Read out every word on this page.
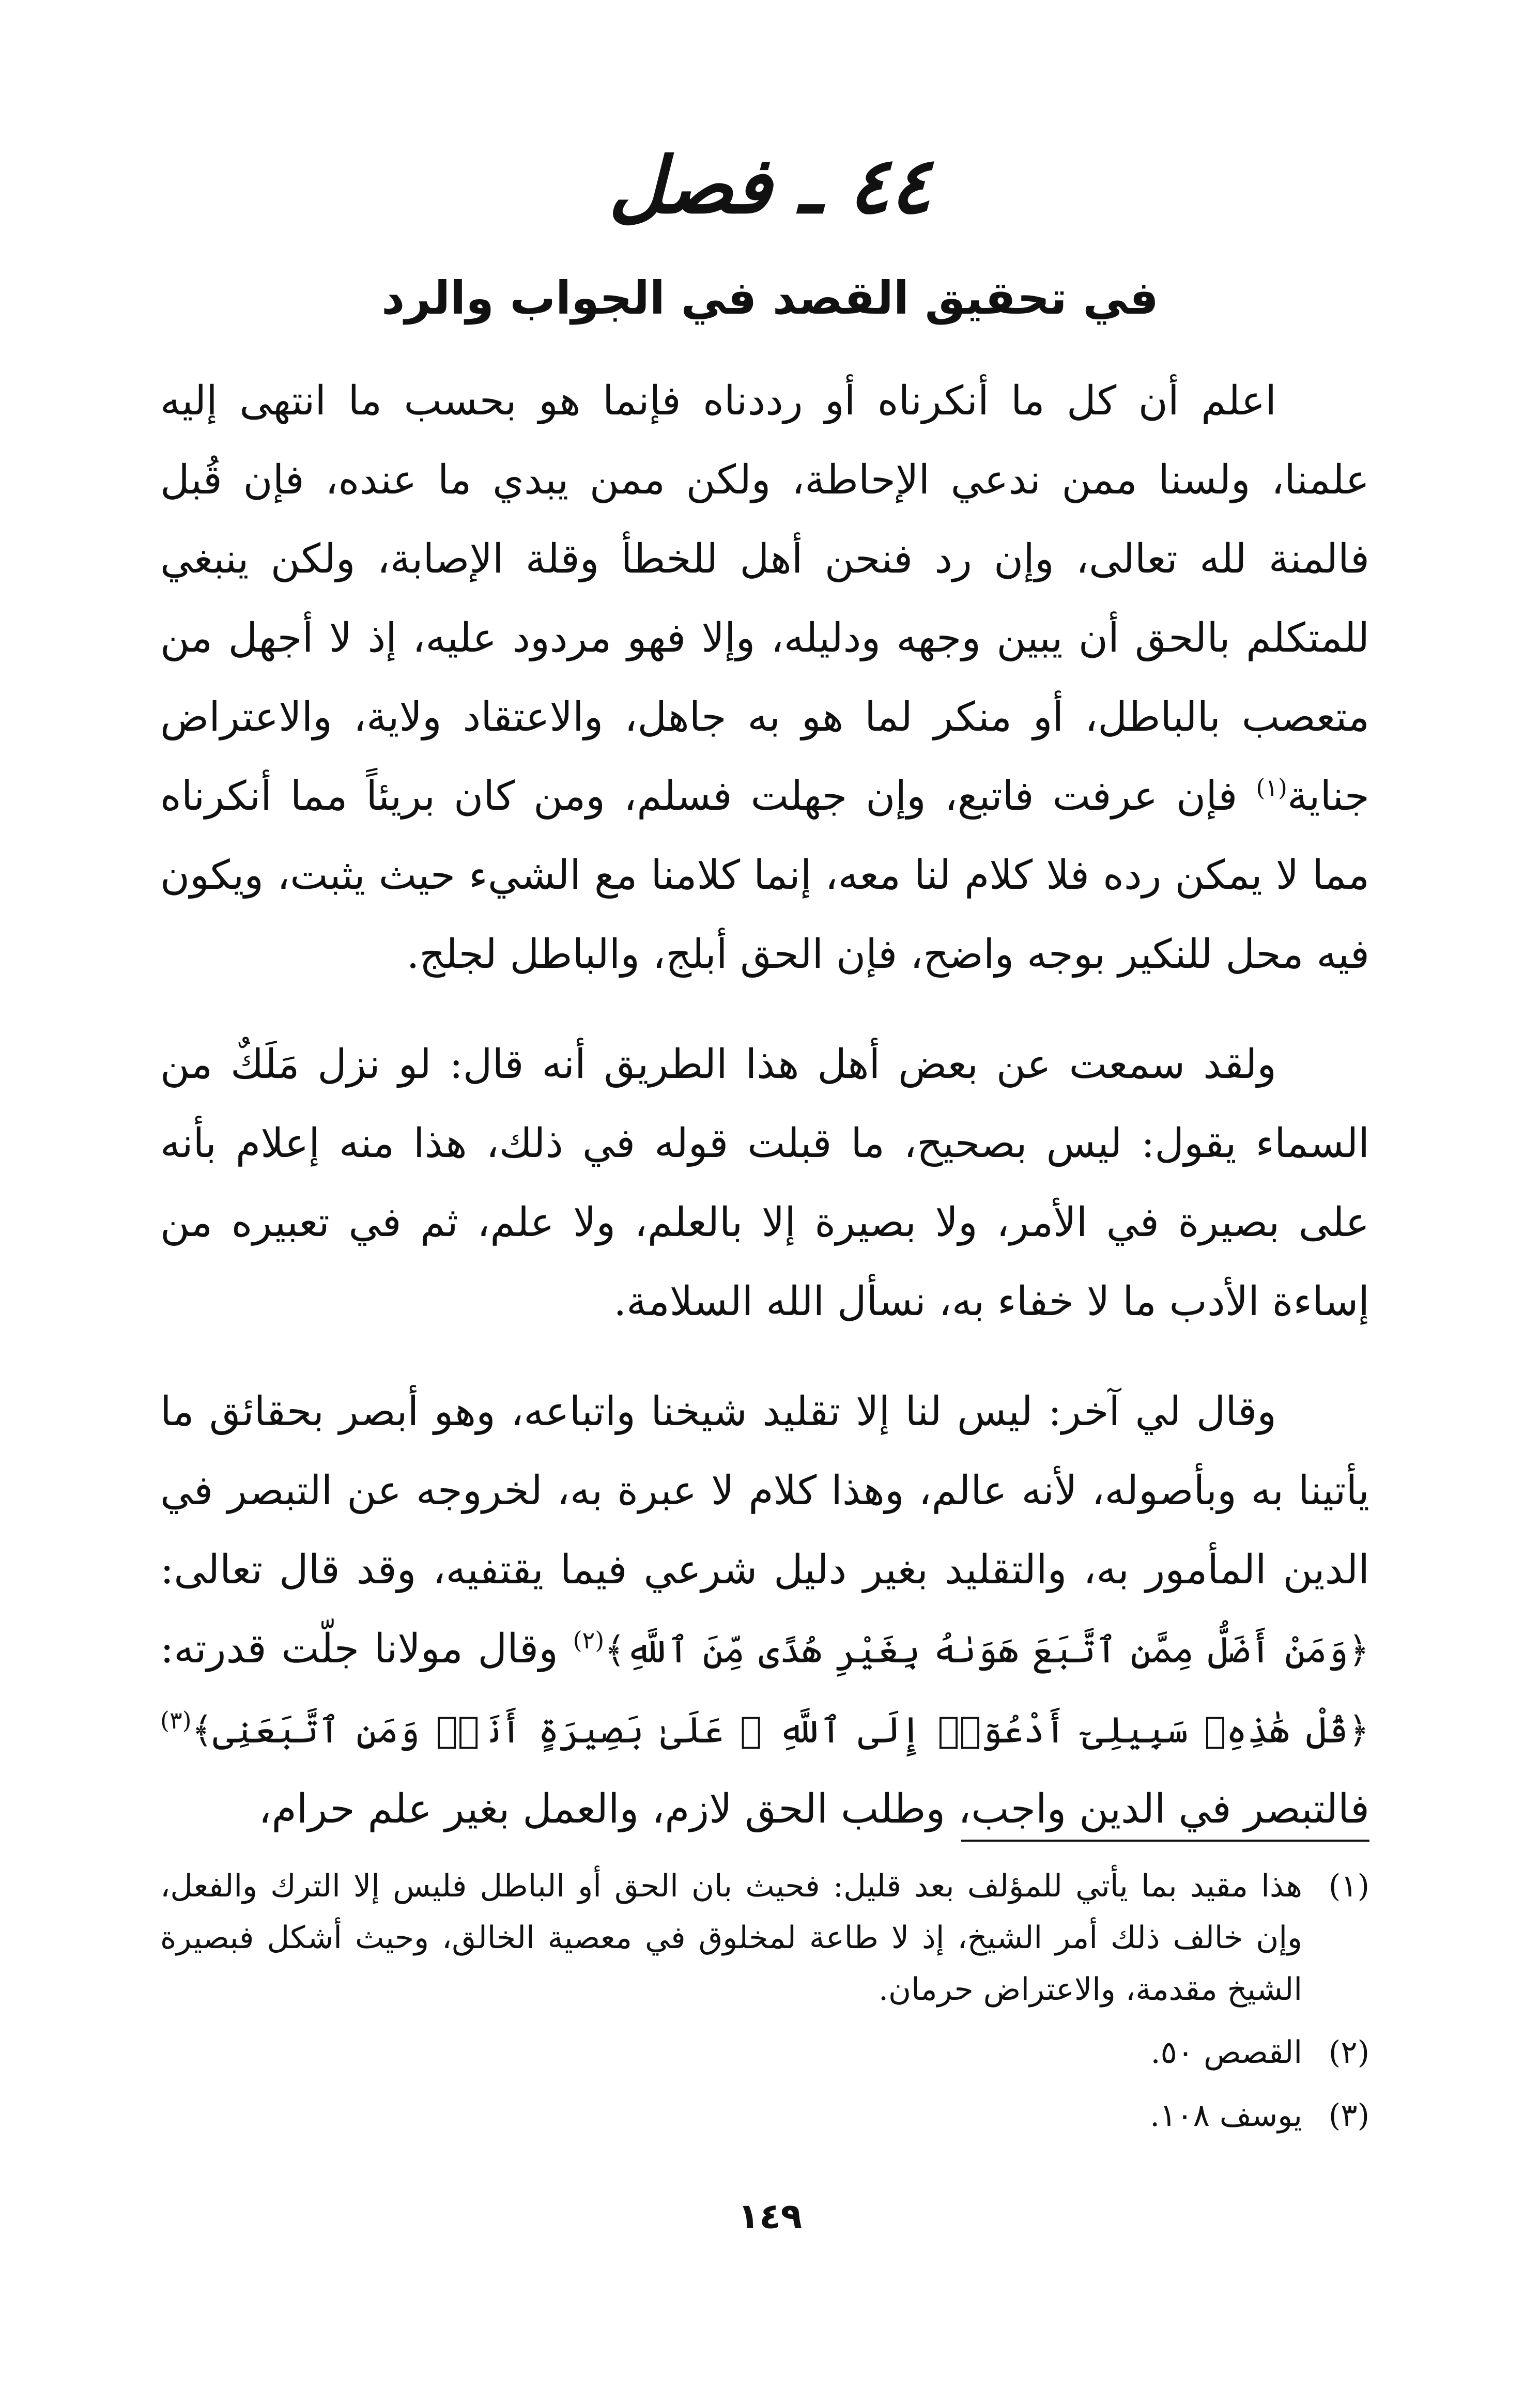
٤٤ ـ فصل
في تحقيق القصد في الجواب والرد

اعلم أن كل ما أنكرناه أو رددناه فإنما هو بحسب ما انتهى إليه علمنا، ولسنا ممن ندعي الإحاطة، ولكن ممن يبدي ما عنده، فإن قُبل فالمنة لله تعالى، وإن رد فنحن أهل للخطأ وقلة الإصابة، ولكن ينبغي للمتكلم بالحق أن يبين وجهه ودليله، وإلا فهو مردود عليه، إذ لا أجهل من متعصب بالباطل، أو منكر لما هو به جاهل، والاعتقاد ولاية، والاعتراض جناية$^{(١)}$ فإن عرفت فاتبع، وإن جهلت فسلم، ومن كان بريئاً مما أنكرناه مما لا يمكن رده فلا كلام لنا معه، إنما كلامنا مع الشيء حيث يثبت، ويكون فيه محل للنكير بوجه واضح، فإن الحق أبلج، والباطل لجلج.

ولقد سمعت عن بعض أهل هذا الطريق أنه قال: لو نزل مَلَكٌ من السماء يقول: ليس بصحيح، ما قبلت قوله في ذلك، هذا منه إعلام بأنه على بصيرة في الأمر، ولا بصيرة إلا بالعلم، ولا علم، ثم في تعبيره من إساءة الأدب ما لا خفاء به، نسأل الله السلامة.

وقال لي آخر: ليس لنا إلا تقليد شيخنا واتباعه، وهو أبصر بحقائق ما يأتينا به وبأصوله، لأنه عالم، وهذا كلام لا عبرة به، لخروجه عن التبصر في الدين المأمور به، والتقليد بغير دليل شرعي فيما يقتفيه، وقد قال تعالى: ﴿وَمَنْ أَضَلُّ مِمَّنِ ٱتَّبَعَ هَوَىٰهُ بِغَيْرِ هُدًى مِّنَ ٱللَّهِ﴾$^{(٢)}$ وقال مولانا جلّت قدرته: ﴿قُلْ هَٰذِهِۦ سَبِيلِىٓ أَدْعُوٓا۟ إِلَى ٱللَّهِ ۚ عَلَىٰ بَصِيرَةٍ أَنَا۠ وَمَنِ ٱتَّبَعَنِى﴾$^{(٣)}$ فالتبصر في الدين واجب، وطلب الحق لازم، والعمل بغير علم حرام،

(١)
هذا مقيد بما يأتي للمؤلف بعد قليل: فحيث بان الحق أو الباطل فليس إلا الترك والفعل، وإن خالف ذلك أمر الشيخ، إذ لا طاعة لمخلوق في معصية الخالق، وحيث أشكل فبصيرة الشيخ مقدمة، والاعتراض حرمان.
(٢)
القصص ٥٠.
(٣)
يوسف ١٠٨.
١٤٩
